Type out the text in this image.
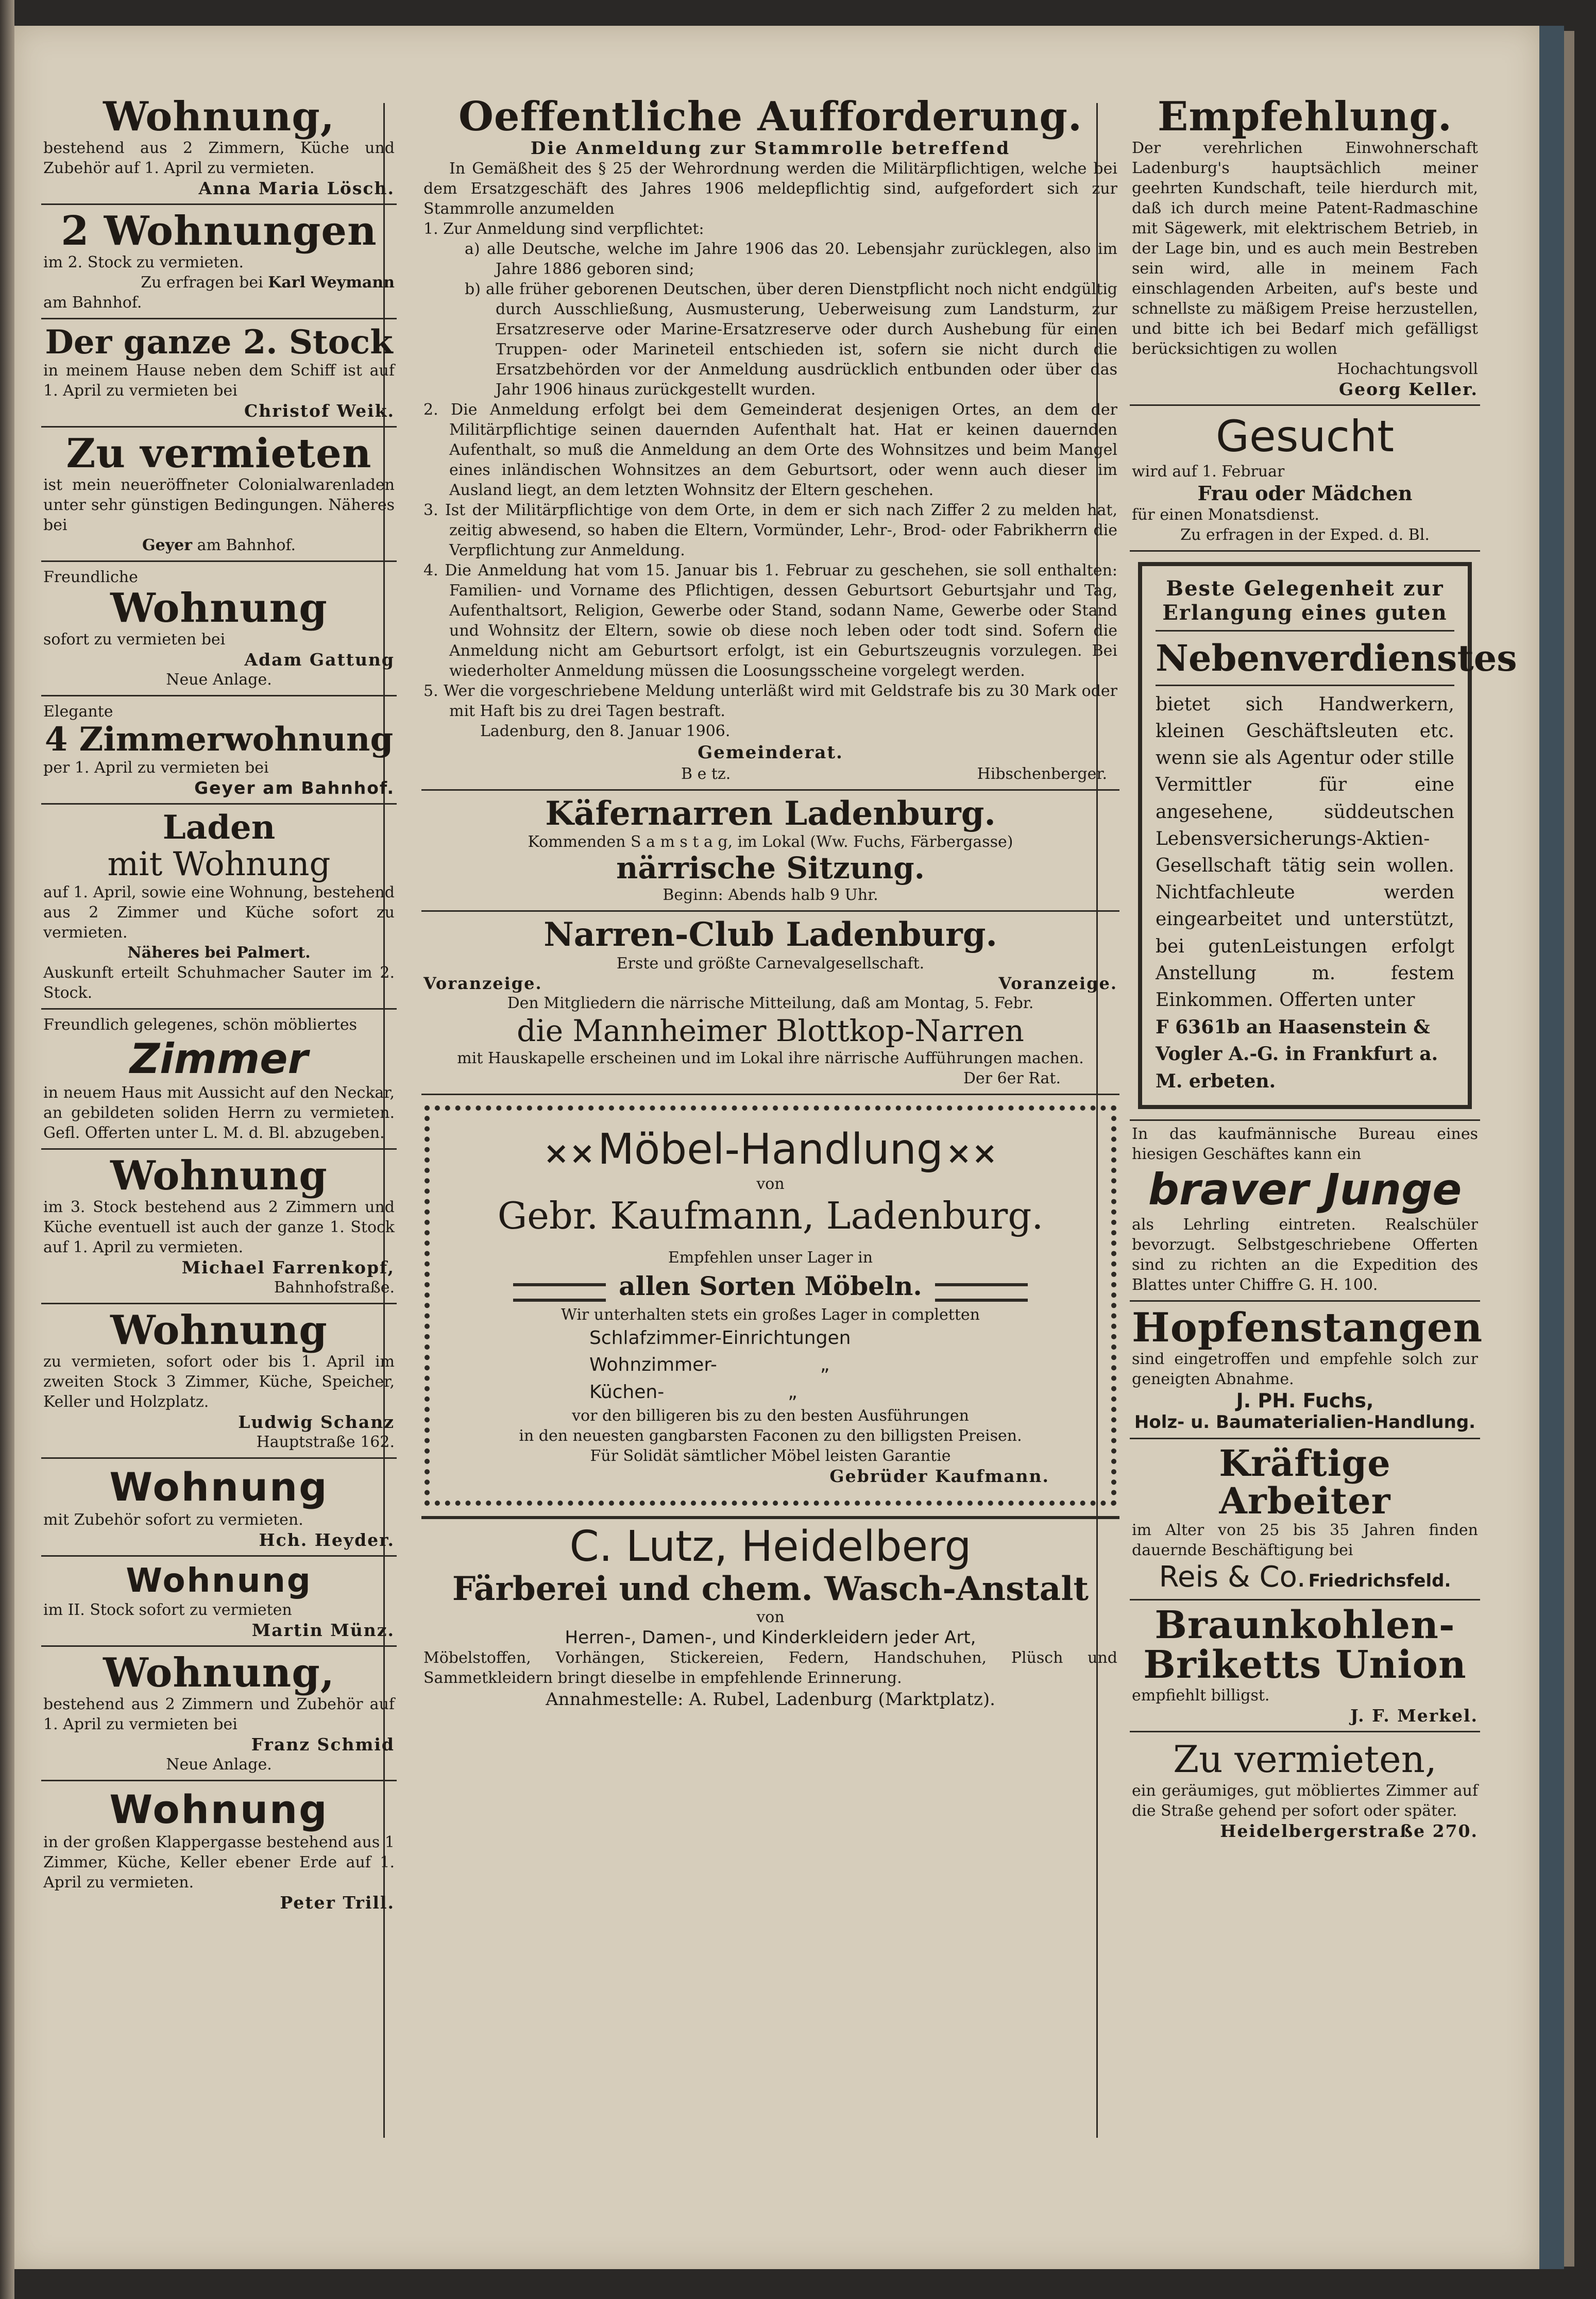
Wohnung,
bestehend aus 2 Zimmern, Küche und Zubehör auf 1. April zu vermieten.
Anna Maria Lösch.
2 Wohnungen
im 2. Stock zu vermieten.
Zu erfragen bei Karl Weymann
am Bahnhof.
Der ganze 2. Stock
in meinem Hause neben dem Schiff ist auf 1. April zu vermieten bei
Christof Weik.
Zu vermieten
ist mein neueröffneter Colonialwarenladen unter sehr günstigen Bedingungen. Näheres bei
Geyer am Bahnhof.
Freundliche
Wohnung
sofort zu vermieten bei
Adam Gattung
Neue Anlage.
Elegante
4 Zimmerwohnung
per 1. April zu vermieten bei
Geyer am Bahnhof.
Laden
mit Wohnung
auf 1. April, sowie eine Wohnung, bestehend aus 2 Zimmer und Küche sofort zu vermieten.
Näheres bei Palmert.
Auskunft erteilt Schuhmacher Sauter im 2. Stock.
Freundlich gelegenes, schön möbliertes
Zimmer
in neuem Haus mit Aussicht auf den Neckar, an gebildeten soliden Herrn zu vermieten. Gefl. Offerten unter L. M. d. Bl. abzugeben.
Wohnung
im 3. Stock bestehend aus 2 Zimmern und Küche eventuell ist auch der ganze 1. Stock auf 1. April zu vermieten.
Michael Farrenkopf,
Bahnhofstraße.
Wohnung
zu vermieten, sofort oder bis 1. April im zweiten Stock 3 Zimmer, Küche, Speicher, Keller und Holzplatz.
Ludwig Schanz
Hauptstraße 162.
Wohnung
mit Zubehör sofort zu vermieten.
Hch. Heyder.
Wohnung
im II. Stock sofort zu vermieten
Martin Münz.
Wohnung,
bestehend aus 2 Zimmern und Zubehör auf 1. April zu vermieten bei
Franz Schmid
Neue Anlage.
Wohnung
in der großen Klappergasse bestehend aus 1 Zimmer, Küche, Keller ebener Erde auf 1. April zu vermieten.
Peter Trill.
Oeffentliche Aufforderung.
Die Anmeldung zur Stammrolle betreffend
In Gemäßheit des § 25 der Wehrordnung werden die Militärpflichtigen, welche bei dem Ersatzgeschäft des Jahres 1906 meldepflichtig sind, aufgefordert sich zur Stammrolle anzumelden
1. Zur Anmeldung sind verpflichtet:
a) alle Deutsche, welche im Jahre 1906 das 20. Lebensjahr zurücklegen, also im Jahre 1886 geboren sind;
b) alle früher geborenen Deutschen, über deren Dienstpflicht noch nicht endgültig durch Ausschließung, Ausmusterung, Ueberweisung zum Landsturm, zur Ersatzreserve oder Marine-Ersatzreserve oder durch Aushebung für einen Truppen- oder Marineteil entschieden ist, sofern sie nicht durch die Ersatzbehörden vor der Anmeldung ausdrücklich entbunden oder über das Jahr 1906 hinaus zurückgestellt wurden.
2. Die Anmeldung erfolgt bei dem Gemeinderat desjenigen Ortes, an dem der Militärpflichtige seinen dauernden Aufenthalt hat. Hat er keinen dauernden Aufenthalt, so muß die Anmeldung an dem Orte des Wohnsitzes und beim Mangel eines inländischen Wohnsitzes an dem Geburtsort, oder wenn auch dieser im Ausland liegt, an dem letzten Wohnsitz der Eltern geschehen.
3. Ist der Militärpflichtige von dem Orte, in dem er sich nach Ziffer 2 zu melden hat, zeitig abwesend, so haben die Eltern, Vormünder, Lehr-, Brod- oder Fabrikherrn die Verpflichtung zur Anmeldung.
4. Die Anmeldung hat vom 15. Januar bis 1. Februar zu geschehen, sie soll enthalten: Familien- und Vorname des Pflichtigen, dessen Geburtsort Geburtsjahr und Tag, Aufenthaltsort, Religion, Gewerbe oder Stand, sodann Name, Gewerbe oder Stand und Wohnsitz der Eltern, sowie ob diese noch leben oder todt sind. Sofern die Anmeldung nicht am Geburtsort erfolgt, ist ein Geburtszeugnis vorzulegen. Bei wiederholter Anmeldung müssen die Loosungsscheine vorgelegt werden.
5. Wer die vorgeschriebene Meldung unterläßt wird mit Geldstrafe bis zu 30 Mark oder mit Haft bis zu drei Tagen bestraft.
Ladenburg, den 8. Januar 1906.
Gemeinderat.
B e tz.	Hibschenberger.
Käfernarren Ladenburg.
Kommenden S a m s t a g, im Lokal (Ww. Fuchs, Färbergasse)
närrische Sitzung.
Beginn: Abends halb 9 Uhr.
Narren-Club Ladenburg.
Erste und größte Carnevalgesellschaft.
Voranzeige.	Voranzeige.
Den Mitgliedern die närrische Mitteilung, daß am Montag, 5. Febr.
die Mannheimer Blottkop-Narren
mit Hauskapelle erscheinen und im Lokal ihre närrische Aufführungen machen.
Der 6er Rat.
×× Möbel-Handlung ××
von
Gebr. Kaufmann, Ladenburg.
Empfehlen unser Lager in
allen Sorten Möbeln.
Wir unterhalten stets ein großes Lager in completten
Schlafzimmer-Einrichtungen
Wohnzimmer-	„
Küchen-	„
vor den billigeren bis zu den besten Ausführungen
in den neuesten gangbarsten Faconen zu den billigsten Preisen.
Für Solidät sämtlicher Möbel leisten Garantie
Gebrüder Kaufmann.
C. Lutz, Heidelberg
Färberei und chem. Wasch-Anstalt
von
Herren-, Damen-, und Kinderkleidern jeder Art,
Möbelstoffen, Vorhängen, Stickereien, Federn, Handschuhen, Plüsch und Sammetkleidern bringt dieselbe in empfehlende Erinnerung.
Annahmestelle: A. Rubel, Ladenburg (Marktplatz).
Empfehlung.
Der verehrlichen Einwohnerschaft Ladenburg's hauptsächlich meiner geehrten Kundschaft, teile hierdurch mit, daß ich durch meine Patent-Radmaschine mit Sägewerk, mit elektrischem Betrieb, in der Lage bin, und es auch mein Bestreben sein wird, alle in meinem Fach einschlagenden Arbeiten, auf's beste und schnellste zu mäßigem Preise herzustellen, und bitte ich bei Bedarf mich gefälligst berücksichtigen zu wollen
Hochachtungsvoll
Georg Keller.
Gesucht
wird auf 1. Februar
Frau oder Mädchen
für einen Monatsdienst.
Zu erfragen in der Exped. d. Bl.
Beste Gelegenheit zur
Erlangung eines guten
Nebenverdienstes
bietet sich Handwerkern, kleinen Geschäftsleuten etc. wenn sie als Agentur oder stille Vermittler für eine angesehene, süddeutschen Lebensversicherungs-Aktien-Gesellschaft tätig sein wollen. Nichtfachleute werden eingearbeitet und unterstützt, bei gutenLeistungen erfolgt Anstellung m. festem Einkommen. Offerten unter
F 6361b an Haasenstein & Vogler A.-G. in Frankfurt a. M. erbeten.
In das kaufmännische Bureau eines hiesigen Geschäftes kann ein
braver Junge
als Lehrling eintreten. Realschüler bevorzugt. Selbstgeschriebene Offerten sind zu richten an die Expedition des Blattes unter Chiffre G. H. 100.
Hopfenstangen
sind eingetroffen und empfehle solch zur geneigten Abnahme.
J. PH. Fuchs,
Holz- u. Baumaterialien-Handlung.
Kräftige Arbeiter
im Alter von 25 bis 35 Jahren finden dauernde Beschäftigung bei
Reis & Co. Friedrichsfeld.
Braunkohlen-
Briketts Union
empfiehlt billigst.
J. F. Merkel.
Zu vermieten,
ein geräumiges, gut möbliertes Zimmer auf die Straße gehend per sofort oder später.
Heidelbergerstraße 270.
